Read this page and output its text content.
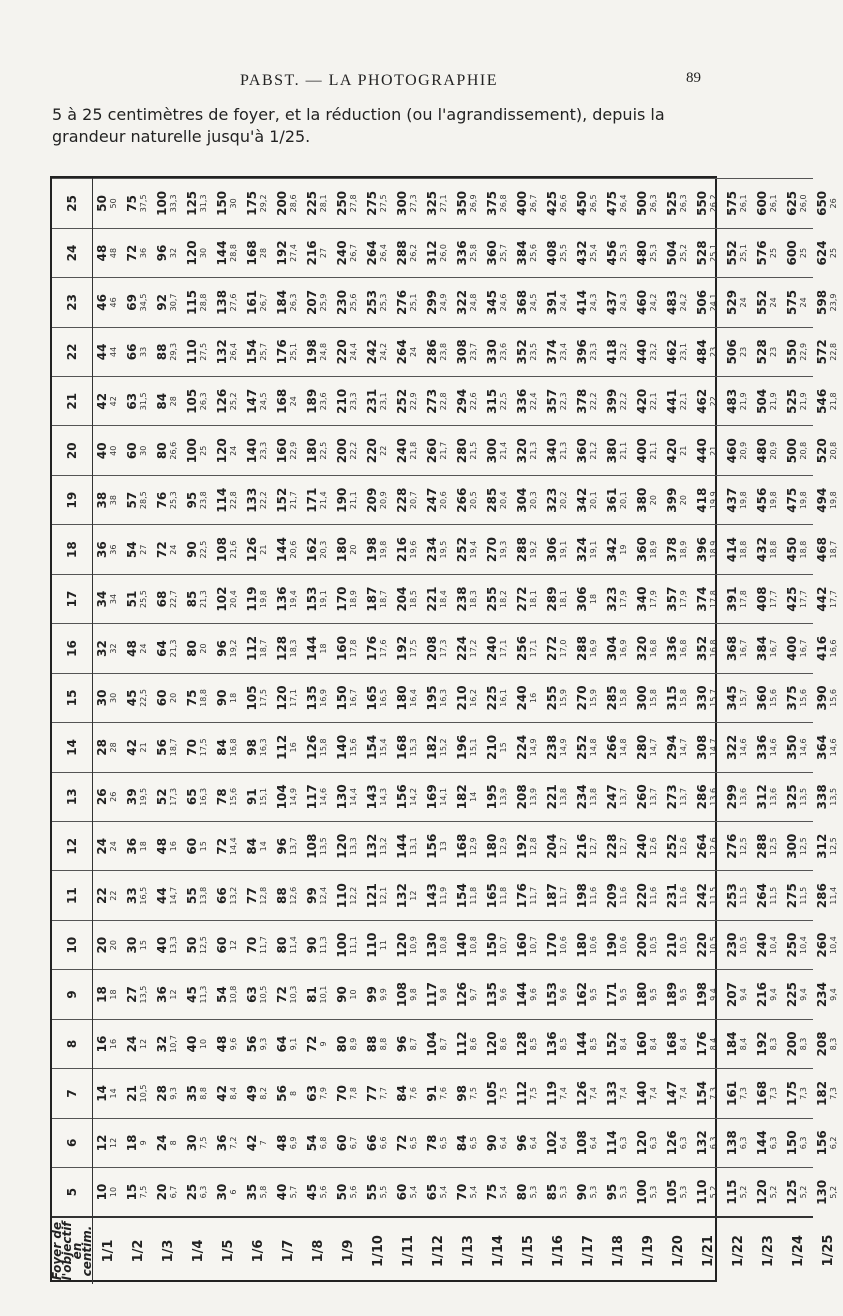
PABST. — LA PHOTOGRAPHIE	89

5 à 25 centimètres de foyer, et la réduction (ou l'agrandissement), depuis la grandeur naturelle jusqu'à 1/25.

Foyer de l'objectif en centim.	5	6	7	8	9	10	11	12	13	14	15	16	17	18	19	20	21	22	23	24	25
1/1	10 10	12 12	14 14	16 16	18 18	20 20	22 22	24 24	26 26	28 28	30 30	32 32	34 34	36 36	38 38	40 40	42 42	44 44	46 46	48 48	50 50

1/2	15 7,5	18 9	21 10,5	24 12	27 13,5	30 15	33 16,5	36 18	39 19,5	42 21	45 22,5	48 24	51 25,5	54 27	57 28,5	60 30	63 31,5	66 33	69 34,5	72 36	75 37,5

1/3	20 6,7	24 8	28 9,3	32 10,7	36 12	40 13,3	44 14,7	48 16	52 17,3	56 18,7	60 20	64 21,3	68 22,7	72 24	76 25,3	80 26,6	84 28	88 29,3	92 30,7	96 32	100 33,3

1/4	25 6,3	30 7,5	35 8,8	40 10	45 11,3	50 12,5	55 13,8	60 15	65 16,3	70 17,5	75 18,8	80 20	85 21,3	90 22,5	95 23,8	100 25	105 26,3	110 27,5	115 28,8	120 30	125 31,3

1/5	30 6	36 7,2	42 8,4	48 9,6	54 10,8	60 12	66 13,2	72 14,4	78 15,6	84 16,8	90 18	96 19,2	102 20,4	108 21,6	114 22,8	120 24	126 25,2	132 26,4	138 27,6	144 28,8	150 30

1/6	35 5,8	42 7	49 8,2	56 9,3	63 10,5	70 11,7	77 12,8	84 14	91 15,1	98 16,3	105 17,5	112 18,7	119 19,8	126 21	133 22,2	140 23,3	147 24,5	154 25,7	161 26,7	168 28	175 29,2

1/7	40 5,7	48 6,9	56 8	64 9,1	72 10,3	80 11,4	88 12,6	96 13,7	104 14,9	112 16	120 17,1	128 18,3	136 19,4	144 20,6	152 21,7	160 22,9	168 24	176 25,1	184 26,3	192 27,4	200 28,6

1/8	45 5,6	54 6,8	63 7,9	72 9	81 10,1	90 11,3	99 12,4	108 13,5	117 14,6	126 15,8	135 16,9	144 18	153 19,1	162 20,3	171 21,4	180 22,5	189 23,6	198 24,8	207 25,9	216 27	225 28,1

1/9	50 5,6	60 6,7	70 7,8	80 8,9	90 10	100 11,1	110 12,2	120 13,3	130 14,4	140 15,6	150 16,7	160 17,8	170 18,9	180 20	190 21,1	200 22,2	210 23,3	220 24,4	230 25,6	240 26,7	250 27,8

1/10	55 5,5	66 6,6	77 7,7	88 8,8	99 9,9	110 11	121 12,1	132 13,2	143 14,3	154 15,4	165 16,5	176 17,6	187 18,7	198 19,8	209 20,9	220 22	231 23,1	242 24,2	253 25,3	264 26,4	275 27,5

1/11	60 5,4	72 6,5	84 7,6	96 8,7	108 9,8	120 10,9	132 12	144 13,1	156 14,2	168 15,3	180 16,4	192 17,5	204 18,5	216 19,6	228 20,7	240 21,8	252 22,9	264 24	276 25,1	288 26,2	300 27,3

1/12	65 5,4	78 6,5	91 7,6	104 8,7	117 9,8	130 10,8	143 11,9	156 13	169 14,1	182 15,2	195 16,3	208 17,3	221 18,4	234 19,5	247 20,6	260 21,7	273 22,8	286 23,8	299 24,9	312 26,0	325 27,1

1/13	70 5,4	84 6,5	98 7,5	112 8,6	126 9,7	140 10,8	154 11,8	168 12,9	182 14	196 15,1	210 16,2	224 17,2	238 18,3	252 19,4	266 20,5	280 21,5	294 22,6	308 23,7	322 24,8	336 25,8	350 26,9

1/14	75 5,4	90 6,4	105 7,5	120 8,6	135 9,6	150 10,7	165 11,8	180 12,9	195 13,9	210 15	225 16,1	240 17,1	255 18,2	270 19,3	285 20,4	300 21,4	315 22,5	330 23,6	345 24,6	360 25,7	375 26,8

1/15	80 5,3	96 6,4	112 7,5	128 8,5	144 9,6	160 10,7	176 11,7	192 12,8	208 13,9	224 14,9	240 16	256 17,1	272 18,1	288 19,2	304 20,3	320 21,3	336 22,4	352 23,5	368 24,5	384 25,6	400 26,7

1/16	85 5,3	102 6,4	119 7,4	136 8,5	153 9,6	170 10,6	187 11,7	204 12,7	221 13,8	238 14,9	255 15,9	272 17,0	289 18,1	306 19,1	323 20,2	340 21,3	357 22,3	374 23,4	391 24,4	408 25,5	425 26,6

1/17	90 5,3	108 6,4	126 7,4	144 8,5	162 9,5	180 10,6	198 11,6	216 12,7	234 13,8	252 14,8	270 15,9	288 16,9	306 18	324 19,1	342 20,1	360 21,2	378 22,2	396 23,3	414 24,3	432 25,4	450 26,5

1/18	95 5,3	114 6,3	133 7,4	152 8,4	171 9,5	190 10,6	209 11,6	228 12,7	247 13,7	266 14,8	285 15,8	304 16,9	323 17,9	342 19	361 20,1	380 21,1	399 22,2	418 23,2	437 24,3	456 25,3	475 26,4

1/19	100 5,3	120 6,3	140 7,4	160 8,4	180 9,5	200 10,5	220 11,6	240 12,6	260 13,7	280 14,7	300 15,8	320 16,8	340 17,9	360 18,9	380 20	400 21,1	420 22,1	440 23,2	460 24,2	480 25,3	500 26,3

1/20	105 5,3	126 6,3	147 7,4	168 8,4	189 9,5	210 10,5	231 11,6	252 12,6	273 13,7	294 14,7	315 15,8	336 16,8	357 17,9	378 18,9	399 20	420 21	441 22,1	462 23,1	483 24,2	504 25,2	525 26,3

1/21	110 5,2	132 6,3	154 7,3	176 8,4	198 9,4	220 10,5	242 11,5	264 12,6	286 13,6	308 14,7	330 15,7	352 16,8	374 17,8	396 18,9	418 19,9	440 21	462 22	484 23	506 24,1	528 25,1	550 26,2

1/22	115 5,2	138 6,3	161 7,3	184 8,4	207 9,4	230 10,5	253 11,5	276 12,5	299 13,6	322 14,6	345 15,7	368 16,7	391 17,8	414 18,8	437 19,8	460 20,9	483 21,9	506 23	529 24	552 25,1	575 26,1

1/23	120 5,2	144 6,3	168 7,3	192 8,3	216 9,4	240 10,4	264 11,5	288 12,5	312 13,6	336 14,6	360 15,6	384 16,7	408 17,7	432 18,8	456 19,8	480 20,9	504 21,9	528 23	552 24	576 25	600 26,1

1/24	125 5,2	150 6,3	175 7,3	200 8,3	225 9,4	250 10,4	275 11,5	300 12,5	325 13,5	350 14,6	375 15,6	400 16,7	425 17,7	450 18,8	475 19,8	500 20,8	525 21,9	550 22,9	575 24	600 25	625 26,0

1/25	130 5,2	156 6,2	182 7,3	208 8,3	234 9,4	260 10,4	286 11,4	312 12,5	338 13,5	364 14,6	390 15,6	416 16,6	442 17,7	468 18,7	494 19,8	520 20,8	546 21,8	572 22,8	598 23,9	624 25	650 26
